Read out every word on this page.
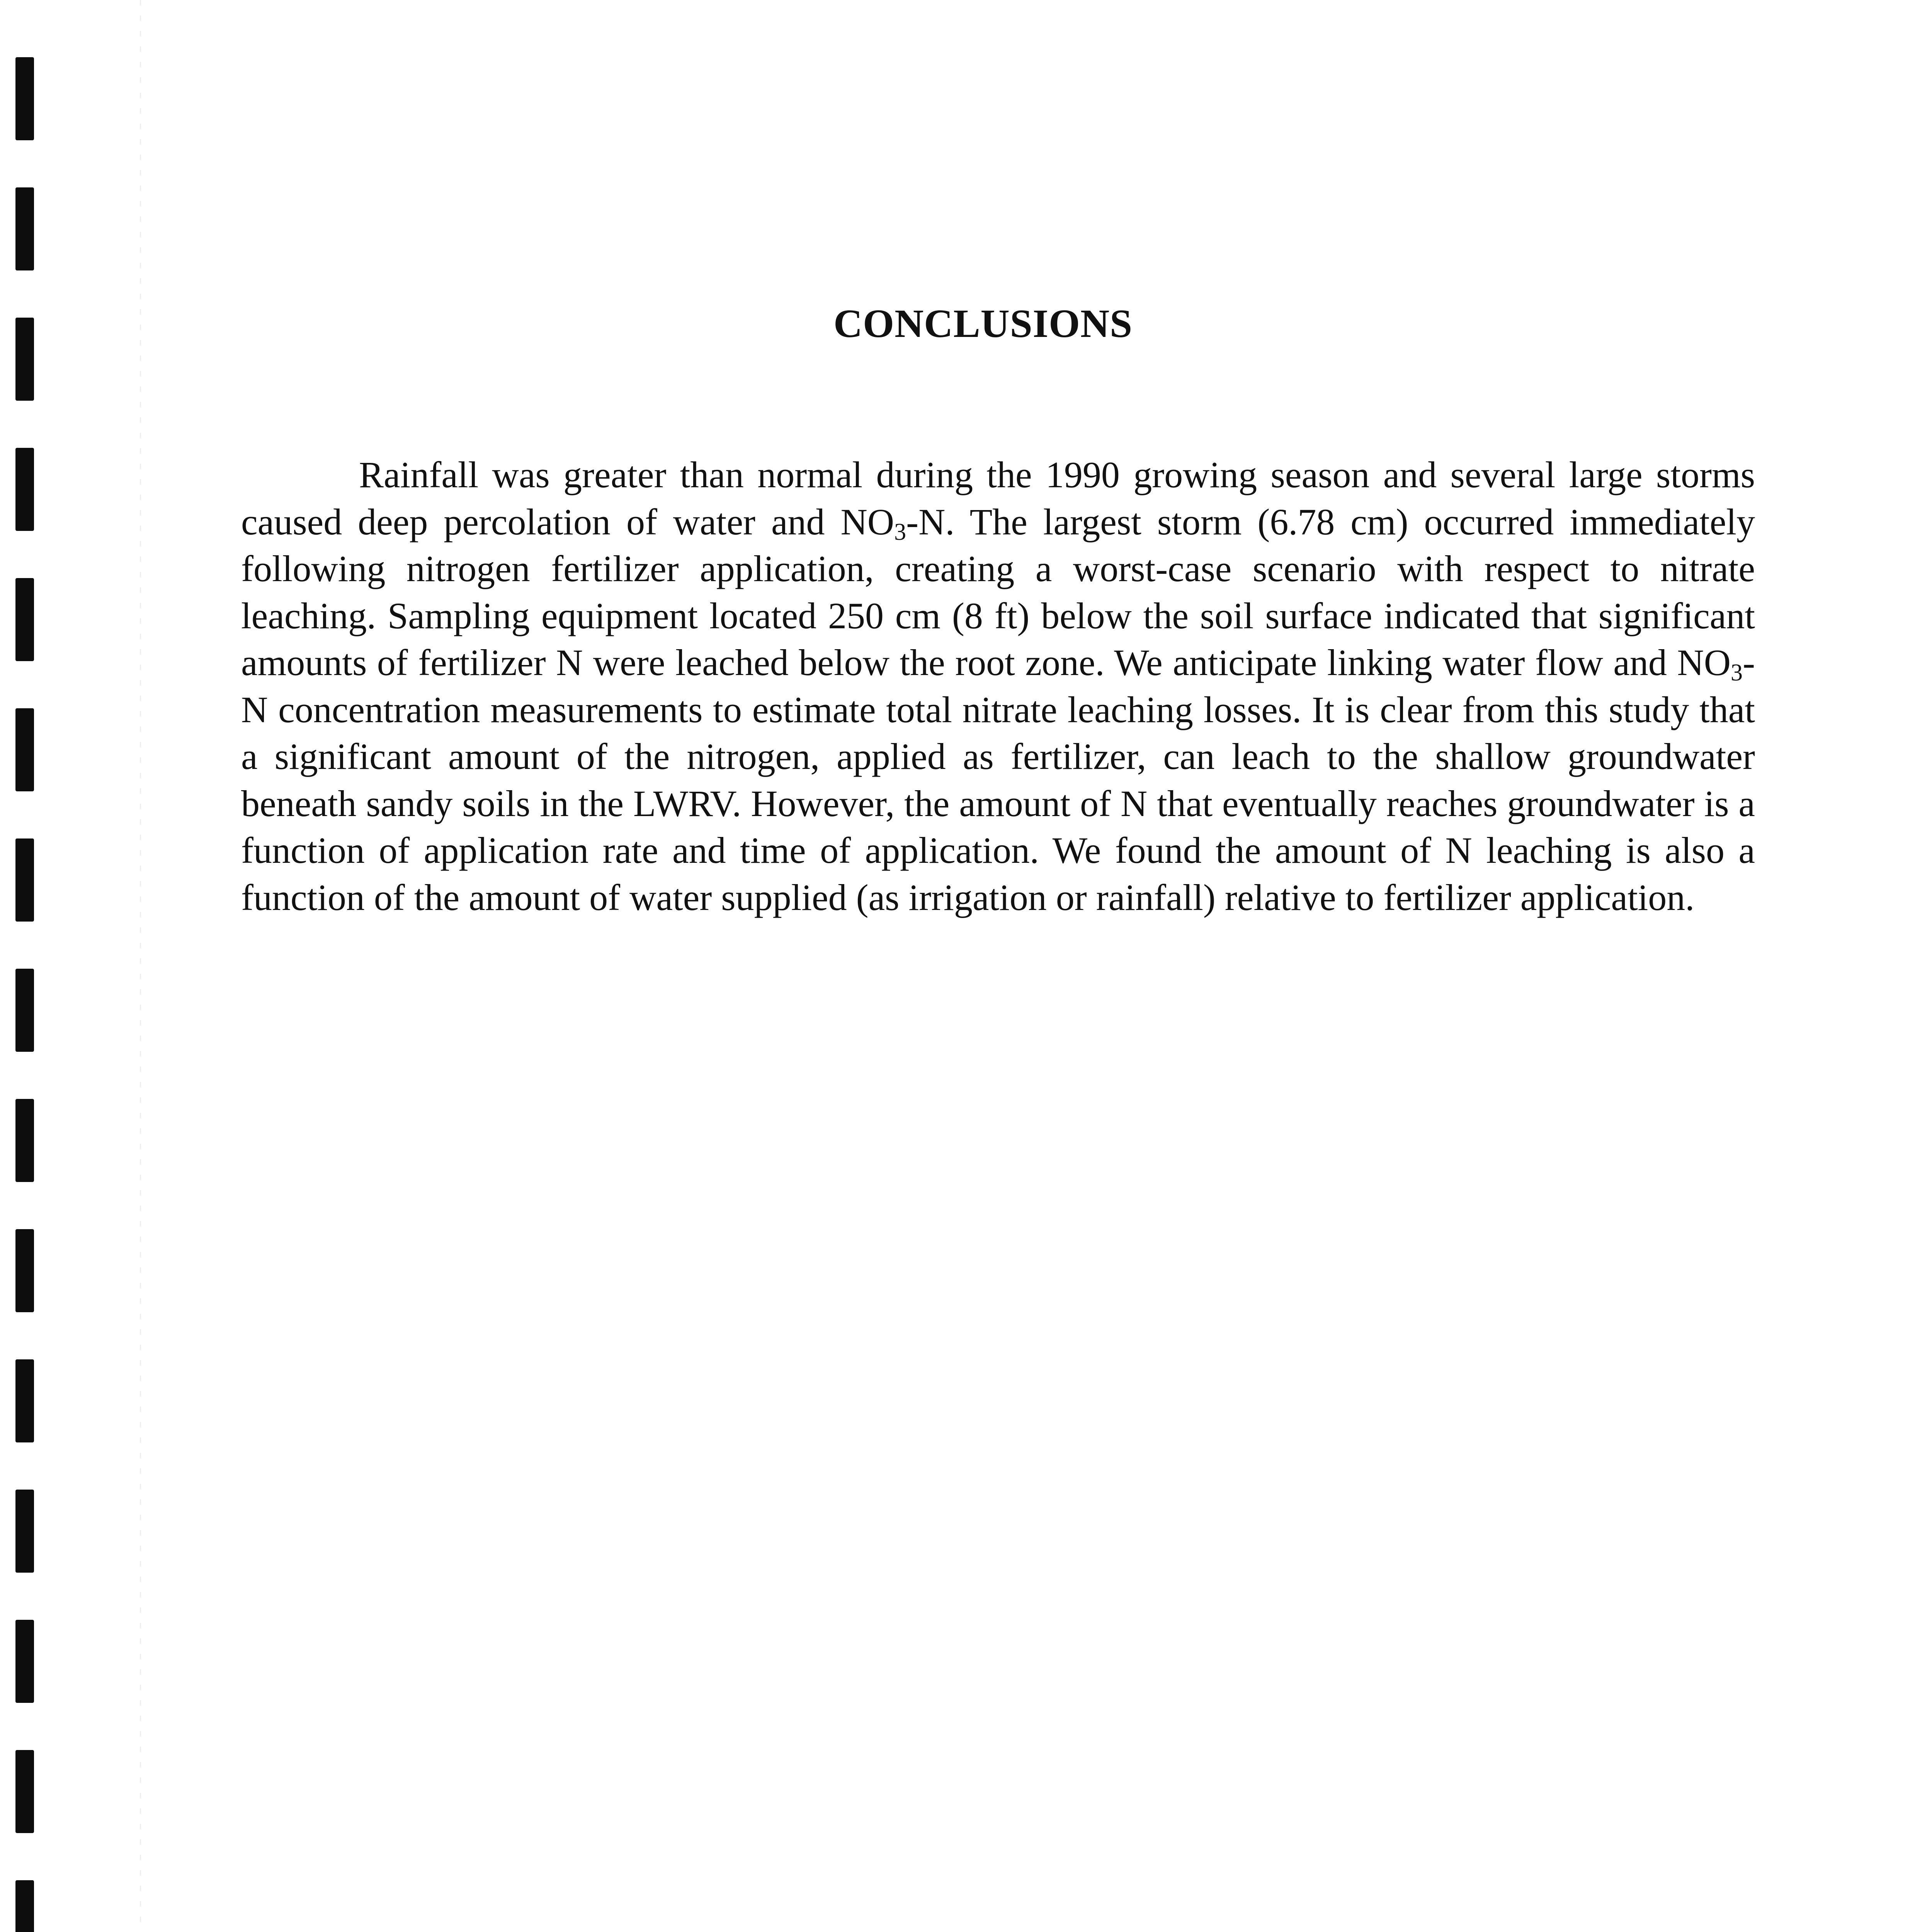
CONCLUSIONS

Rainfall was greater than normal during the 1990 growing season and several large storms caused deep percolation of water and $NO_3-N$. The largest storm (6.78 cm) occurred immediately following nitrogen fertilizer application, creating a worst-case scenario with respect to nitrate leaching. Sampling equipment located 250 cm (8 ft) below the soil surface indicated that significant amounts of fertilizer N were leached below the root zone. We anticipate linking water flow and $NO_3-N$ concentration measurements to estimate total nitrate leaching losses. It is clear from this study that a significant amount of the nitrogen, applied as fertilizer, can leach to the shallow groundwater beneath sandy soils in the LWRV. However, the amount of N that eventually reaches groundwater is a function of application rate and time of application. We found the amount of N leaching is also a function of the amount of water supplied (as irrigation or rainfall) relative to fertilizer application.
